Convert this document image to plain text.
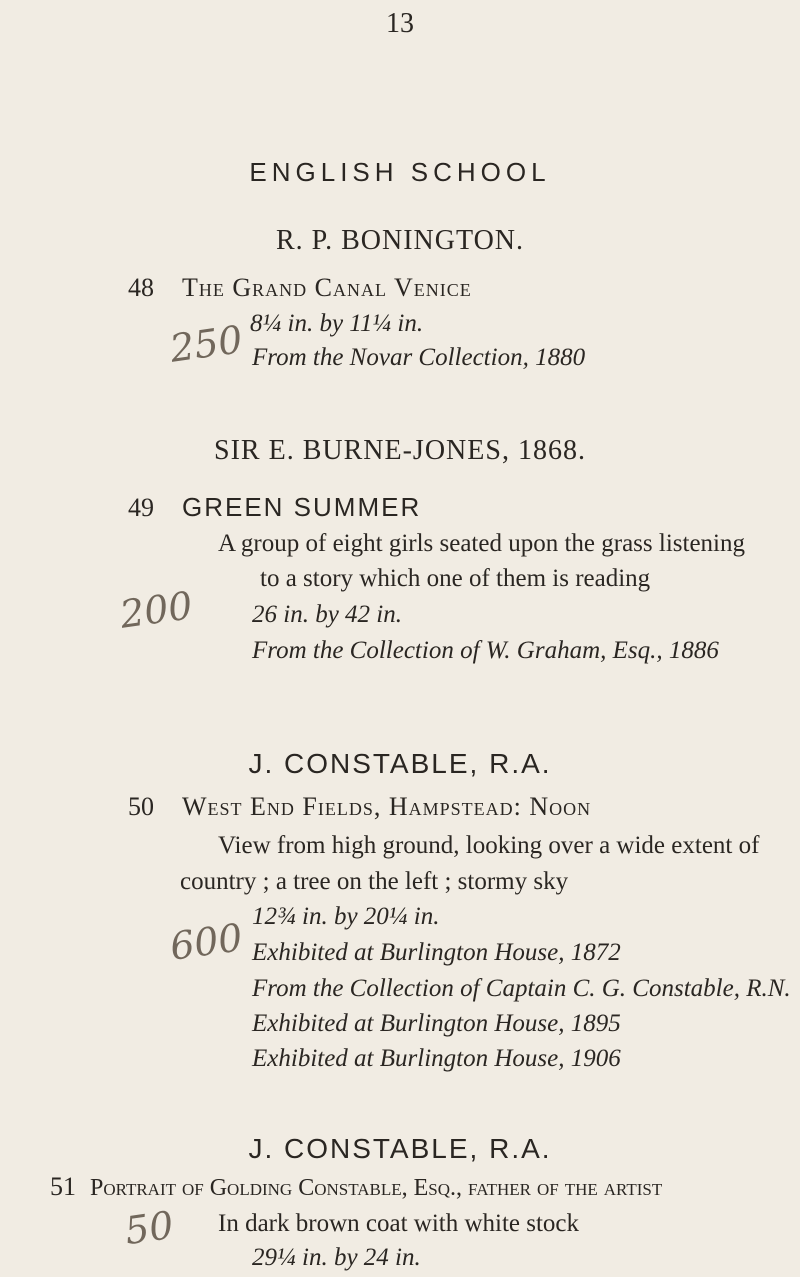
13
ENGLISH SCHOOL
R. P. BONINGTON.
48 The Grand Canal Venice
8¼ in. by 11¼ in.
From the Novar Collection, 1880
250
SIR E. BURNE-JONES, 1868.
49 GREEN SUMMER
A group of eight girls seated upon the grass listening
to a story which one of them is reading
26 in. by 42 in.
From the Collection of W. Graham, Esq., 1886
200
J. CONSTABLE, R.A.
50 West End Fields, Hampstead: Noon
View from high ground, looking over a wide extent of
country ; a tree on the left ; stormy sky
12¾ in. by 20¼ in.
Exhibited at Burlington House, 1872
From the Collection of Captain C. G. Constable, R.N.
Exhibited at Burlington House, 1895
Exhibited at Burlington House, 1906
600
J. CONSTABLE, R.A.
51 Portrait of Golding Constable, Esq., father of the artist
In dark brown coat with white stock
29¼ in. by 24 in.
50
